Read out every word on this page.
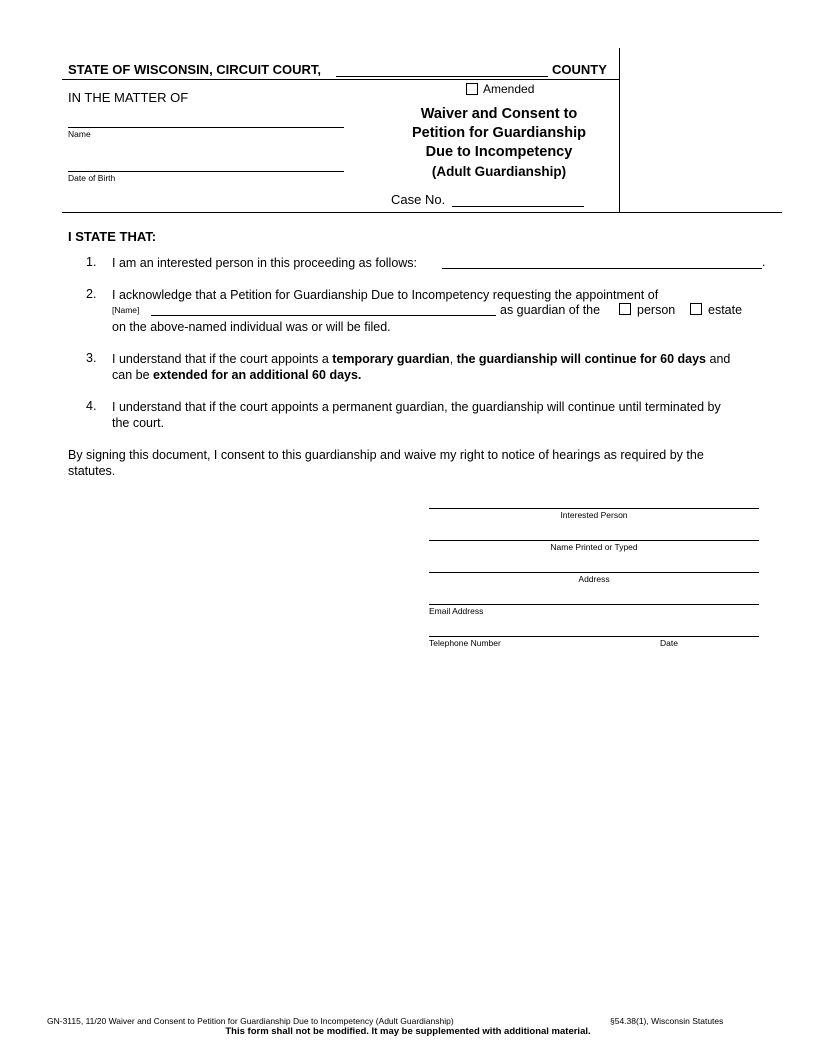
STATE OF WISCONSIN, CIRCUIT COURT,	COUNTY
Amended
IN THE MATTER OF
Name
Date of Birth
Waiver and Consent to
Petition for Guardianship
Due to Incompetency
(Adult Guardianship)
Case No.
I STATE THAT:
1. I am an interested person in this proceeding as follows:	.
2. I acknowledge that a Petition for Guardianship Due to Incompetency requesting the appointment of
[Name]	as guardian of the	person	estate
on the above-named individual was or will be filed.
3. I understand that if the court appoints a temporary guardian, the guardianship will continue for 60 days and
can be extended for an additional 60 days.
4. I understand that if the court appoints a permanent guardian, the guardianship will continue until terminated by
the court.
By signing this document, I consent to this guardianship and waive my right to notice of hearings as required by the
statutes.
Interested Person
Name Printed or Typed
Address
Email Address
Telephone Number	Date
GN-3115, 11/20 Waiver and Consent to Petition for Guardianship Due to Incompetency (Adult Guardianship)	§54.38(1), Wisconsin Statutes
This form shall not be modified. It may be supplemented with additional material.
